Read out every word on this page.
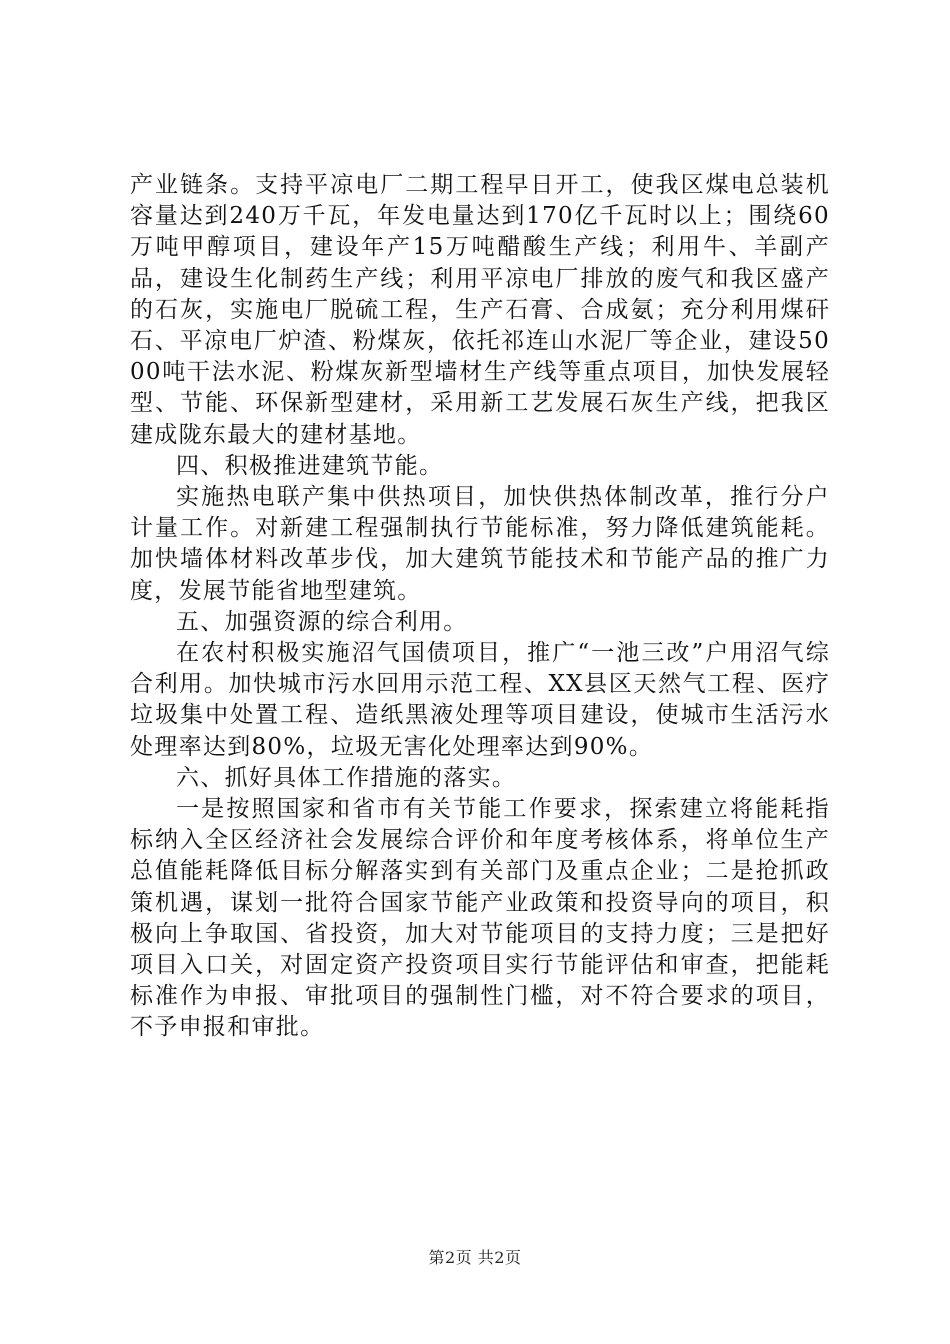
产业链条。支持平凉电厂二期工程早日开工，使我区煤电总装机容量达到240万千瓦，年发电量达到170亿千瓦时以上；围绕60万吨甲醇项目，建设年产15万吨醋酸生产线；利用牛、羊副产品，建设生化制药生产线；利用平凉电厂排放的废气和我区盛产的石灰，实施电厂脱硫工程，生产石膏、合成氨；充分利用煤矸石、平凉电厂炉渣、粉煤灰，依托祁连山水泥厂等企业，建设5000吨干法水泥、粉煤灰新型墙材生产线等重点项目，加快发展轻型、节能、环保新型建材，采用新工艺发展石灰生产线，把我区建成陇东最大的建材基地。

四、积极推进建筑节能。

实施热电联产集中供热项目，加快供热体制改革，推行分户计量工作。对新建工程强制执行节能标准，努力降低建筑能耗。加快墙体材料改革步伐，加大建筑节能技术和节能产品的推广力度，发展节能省地型建筑。

五、加强资源的综合利用。

在农村积极实施沼气国债项目，推广“一池三改”户用沼气综合利用。加快城市污水回用示范工程、XX县区天然气工程、医疗垃圾集中处置工程、造纸黑液处理等项目建设，使城市生活污水处理率达到80%，垃圾无害化处理率达到90%。

六、抓好具体工作措施的落实。

一是按照国家和省市有关节能工作要求，探索建立将能耗指标纳入全区经济社会发展综合评价和年度考核体系，将单位生产总值能耗降低目标分解落实到有关部门及重点企业；二是抢抓政策机遇，谋划一批符合国家节能产业政策和投资导向的项目，积极向上争取国、省投资，加大对节能项目的支持力度；三是把好项目入口关，对固定资产投资项目实行节能评估和审查，把能耗标准作为申报、审批项目的强制性门槛，对不符合要求的项目，不予申报和审批。

第2页 共2页
